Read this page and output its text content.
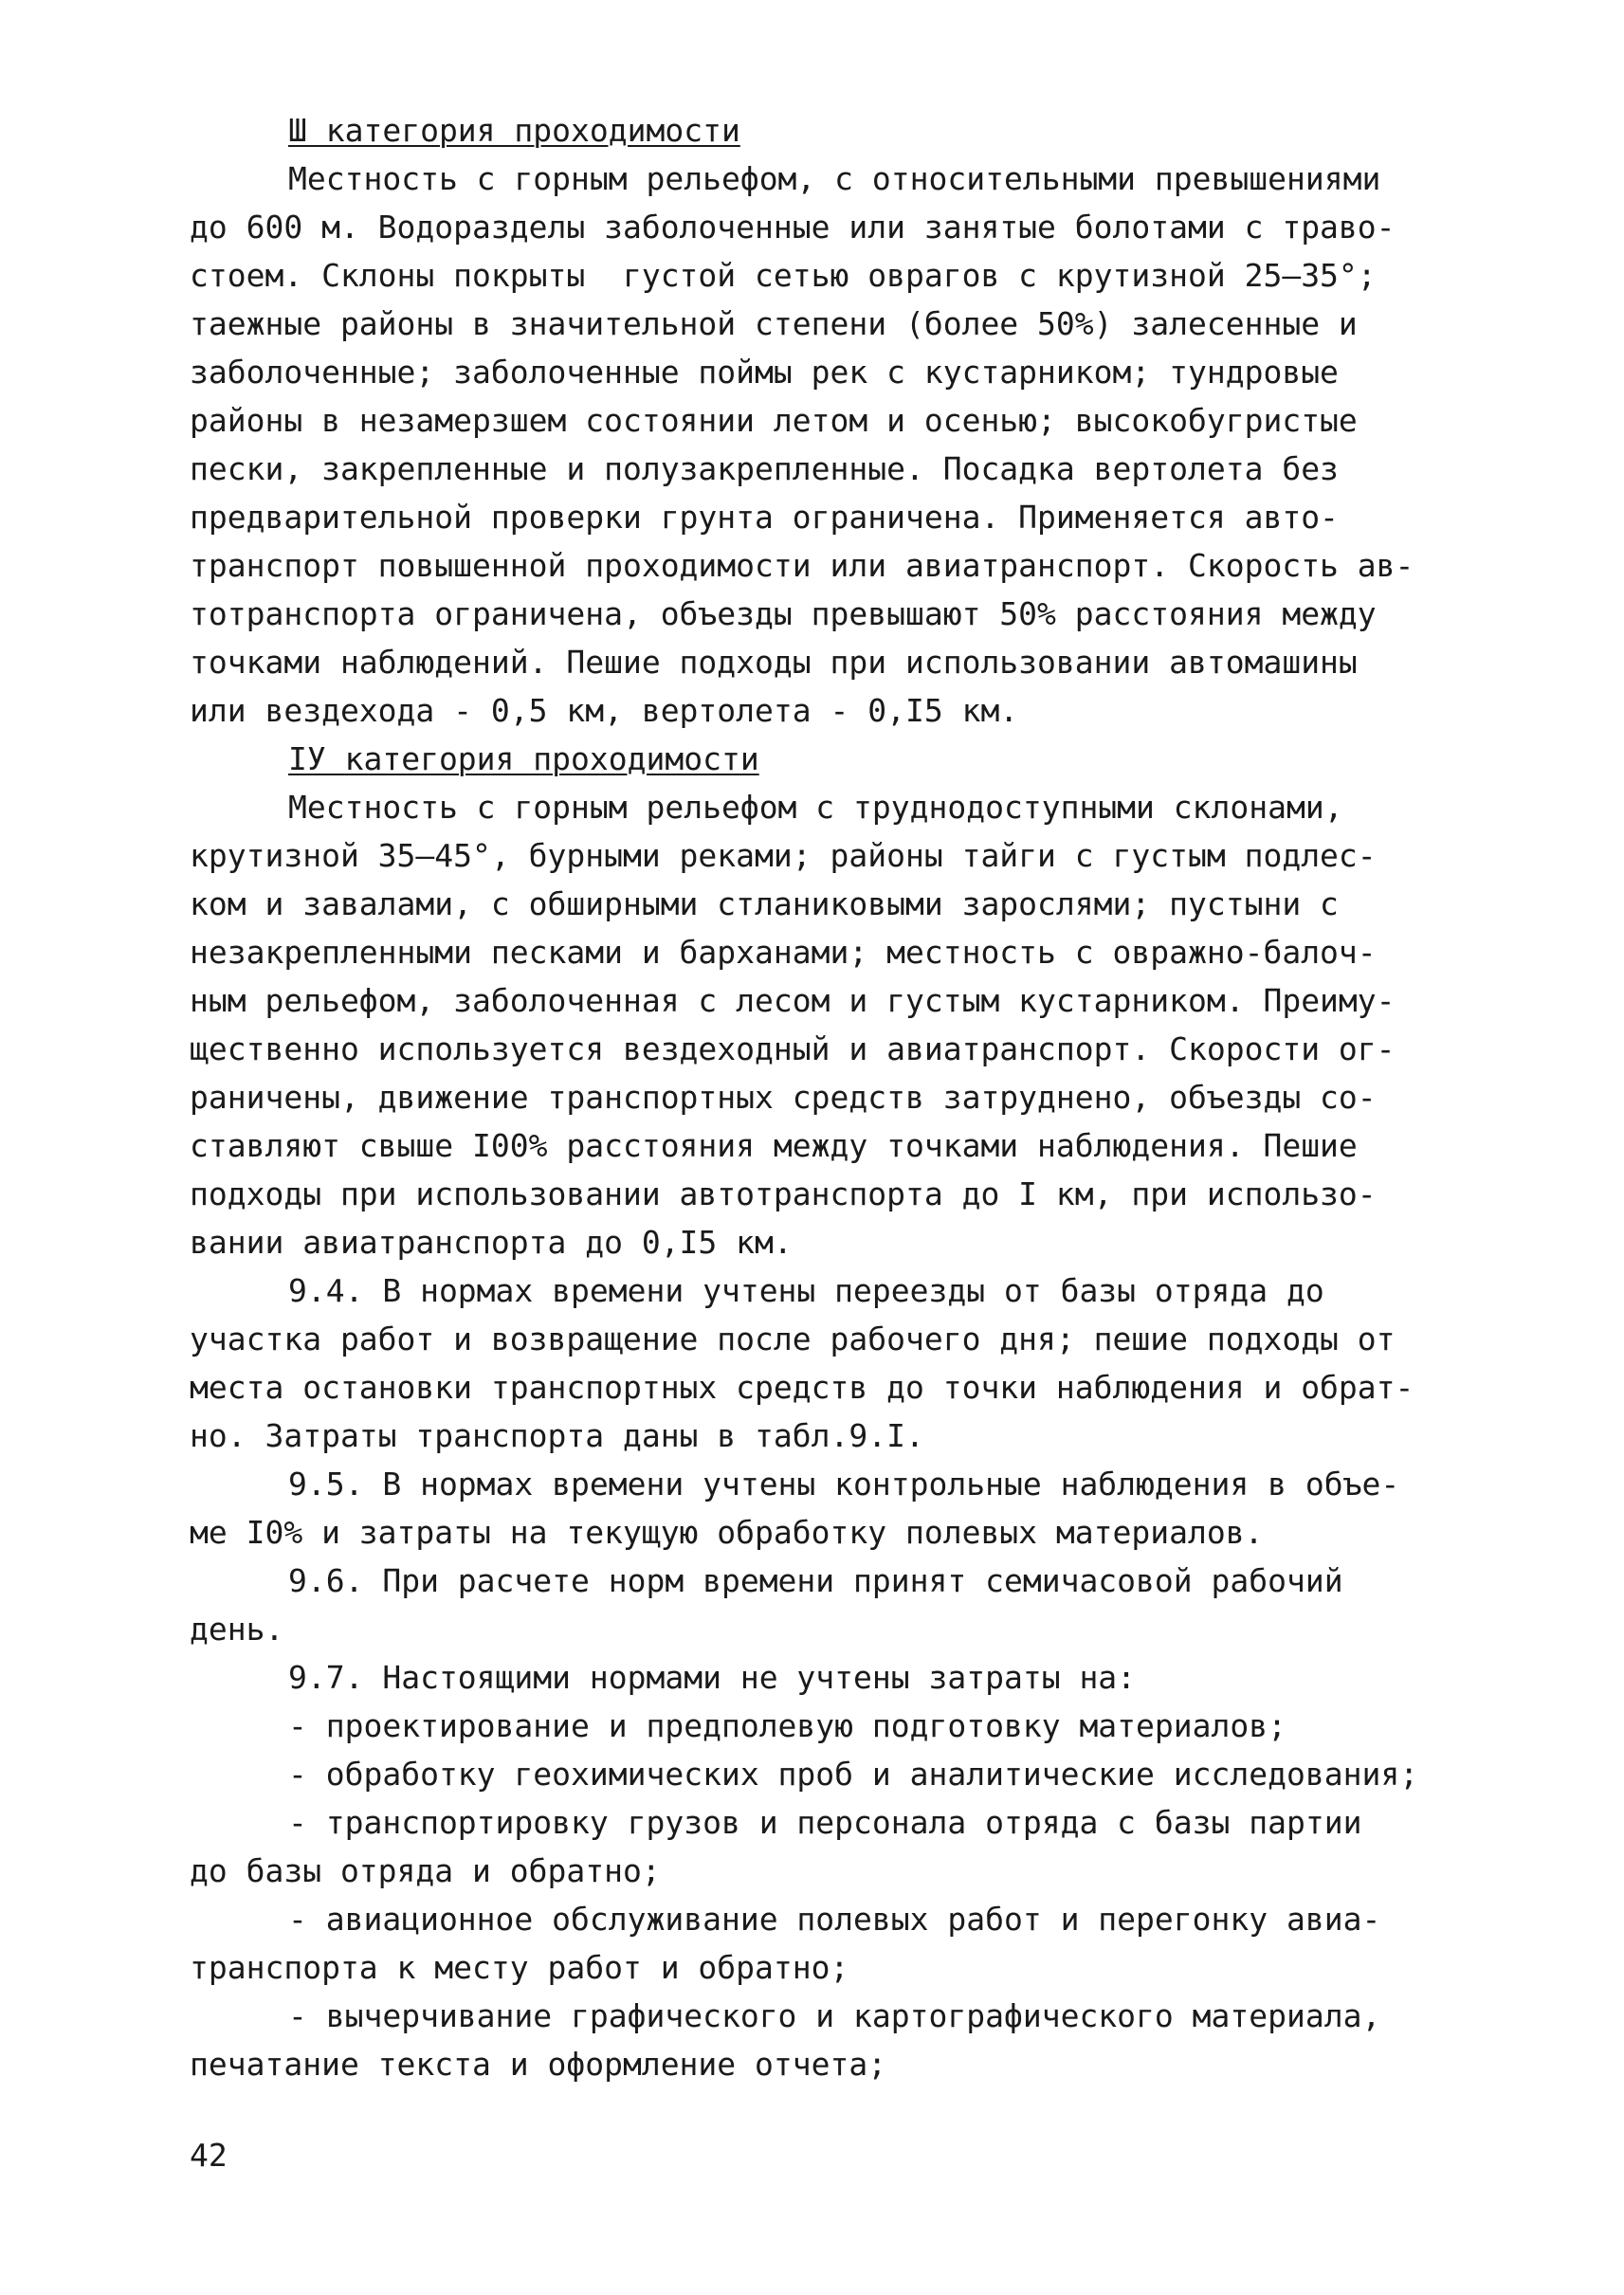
Ш категория проходимости
Местность с горным рельефом, с относительными превышениями
до 600 м. Водоразделы заболоченные или занятые болотами с траво-
стоем. Склоны покрыты  густой сетью оврагов с крутизной 25–35°;
таежные районы в значительной степени (более 50%) залесенные и
заболоченные; заболоченные поймы рек с кустарником; тундровые
районы в незамерзшем состоянии летом и осенью; высокобугристые
пески, закрепленные и полузакрепленные. Посадка вертолета без
предварительной проверки грунта ограничена. Применяется авто-
транспорт повышенной проходимости или авиатранспорт. Скорость ав-
тотранспорта ограничена, объезды превышают 50% расстояния между
точками наблюдений. Пешие подходы при использовании автомашины
или вездехода - 0,5 км, вертолета - 0,I5 км.
IУ категория проходимости
Местность с горным рельефом с труднодоступными склонами,
крутизной 35–45°, бурными реками; районы тайги с густым подлес-
ком и завалами, с обширными стланиковыми зарослями; пустыни с
незакрепленными песками и барханами; местность с овражно-балоч-
ным рельефом, заболоченная с лесом и густым кустарником. Преиму-
щественно используется вездеходный и авиатранспорт. Скорости ог-
раничены, движение транспортных средств затруднено, объезды со-
ставляют свыше I00% расстояния между точками наблюдения. Пешие
подходы при использовании автотранспорта до I км, при использо-
вании авиатранспорта до 0,I5 км.
9.4. В нормах времени учтены переезды от базы отряда до
участка работ и возвращение после рабочего дня; пешие подходы от
места остановки транспортных средств до точки наблюдения и обрат-
но. Затраты транспорта даны в табл.9.I.
9.5. В нормах времени учтены контрольные наблюдения в объе-
ме I0% и затраты на текущую обработку полевых материалов.
9.6. При расчете норм времени принят семичасовой рабочий
день.
9.7. Настоящими нормами не учтены затраты на:
- проектирование и предполевую подготовку материалов;
- обработку геохимических проб и аналитические исследования;
- транспортировку грузов и персонала отряда с базы партии
до базы отряда и обратно;
- авиационное обслуживание полевых работ и перегонку авиа-
транспорта к месту работ и обратно;
- вычерчивание графического и картографического материала,
печатание текста и оформление отчета;
42
